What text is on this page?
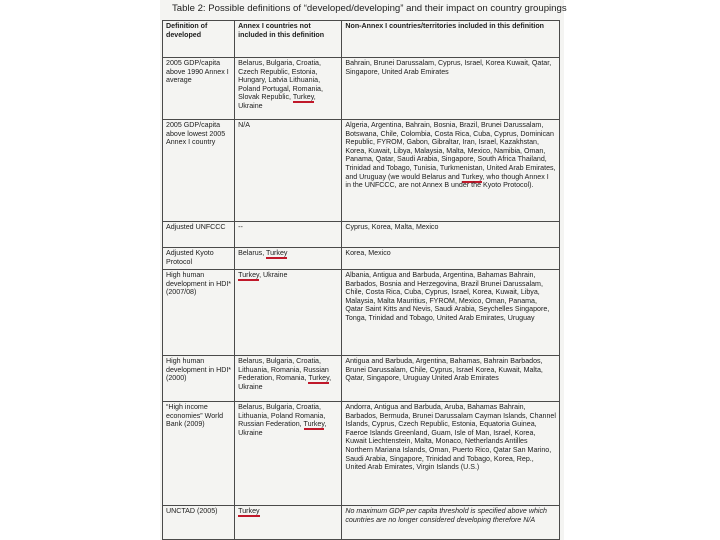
Table 2: Possible definitions of “developed/developing” and their impact on country groupings
Definition of developed	Annex I countries not included in this definition	Non-Annex I countries/territories included in this definition
2005 GDP/capita above 1990 Annex I average	Belarus, Bulgaria, Croatia, Czech Republic, Estonia, Hungary, Latvia Lithuania, Poland Portugal, Romania, Slovak Republic, Turkey, Ukraine	Bahrain, Brunei Darussalam, Cyprus, Israel, Korea Kuwait, Qatar, Singapore, United Arab Emirates
2005 GDP/capita above lowest 2005 Annex I country	N/A	Algeria, Argentina, Bahrain, Bosnia, Brazil, Brunei Darussalam, Botswana, Chile, Colombia, Costa Rica, Cuba, Cyprus, Dominican Republic, FYROM, Gabon, Gibraltar, Iran, Israel, Kazakhstan, Korea, Kuwait, Libya, Malaysia, Malta, Mexico, Namibia, Oman, Panama, Qatar, Saudi Arabia, Singapore, South Africa Thailand, Trinidad and Tobago, Tunisia, Turkmenistan, United Arab Emirates, and Uruguay (we would Belarus and Turkey, who though Annex I in the UNFCCC, are not Annex B under the Kyoto Protocol).
Adjusted UNFCCC	--	Cyprus, Korea, Malta, Mexico
Adjusted Kyoto Protocol	Belarus, Turkey	Korea, Mexico
High human development in HDI* (2007/08)	Turkey, Ukraine	Albania, Antigua and Barbuda, Argentina, Bahamas Bahrain, Barbados, Bosnia and Herzegovina, Brazil Brunei Darussalam, Chile, Costa Rica, Cuba, Cyprus, Israel, Korea, Kuwait, Libya, Malaysia, Malta Mauritius, FYROM, Mexico, Oman, Panama, Qatar Saint Kitts and Nevis, Saudi Arabia, Seychelles Singapore, Tonga, Trinidad and Tobago, United Arab Emirates, Uruguay
High human development in HDI* (2000)	Belarus, Bulgaria, Croatia, Lithuania, Romania, Russian Federation, Romania, Turkey, Ukraine	Antigua and Barbuda, Argentina, Bahamas, Bahrain Barbados, Brunei Darussalam, Chile, Cyprus, Israel Korea, Kuwait, Malta, Qatar, Singapore, Uruguay United Arab Emirates
“High income economies” World Bank (2009)	Belarus, Bulgaria, Croatia, Lithuania, Poland Romania, Russian Federation, Turkey, Ukraine	Andorra, Antigua and Barbuda, Aruba, Bahamas Bahrain, Barbados, Bermuda, Brunei Darussalam Cayman Islands, Channel Islands, Cyprus, Czech Republic, Estonia, Equatoria Guinea, Faeroe Islands Greenland, Guam, Isle of Man, Israel, Korea, Kuwait Liechtenstein, Malta, Monaco, Netherlands Antilles Northern Mariana Islands, Oman, Puerto Rico, Qatar San Marino, Saudi Arabia, Singapore, Trinidad and Tobago, Korea, Rep., United Arab Emirates, Virgin Islands (U.S.)
UNCTAD (2005)	Turkey	No maximum GDP per capita threshold is specified above which countries are no longer considered developing therefore N/A
